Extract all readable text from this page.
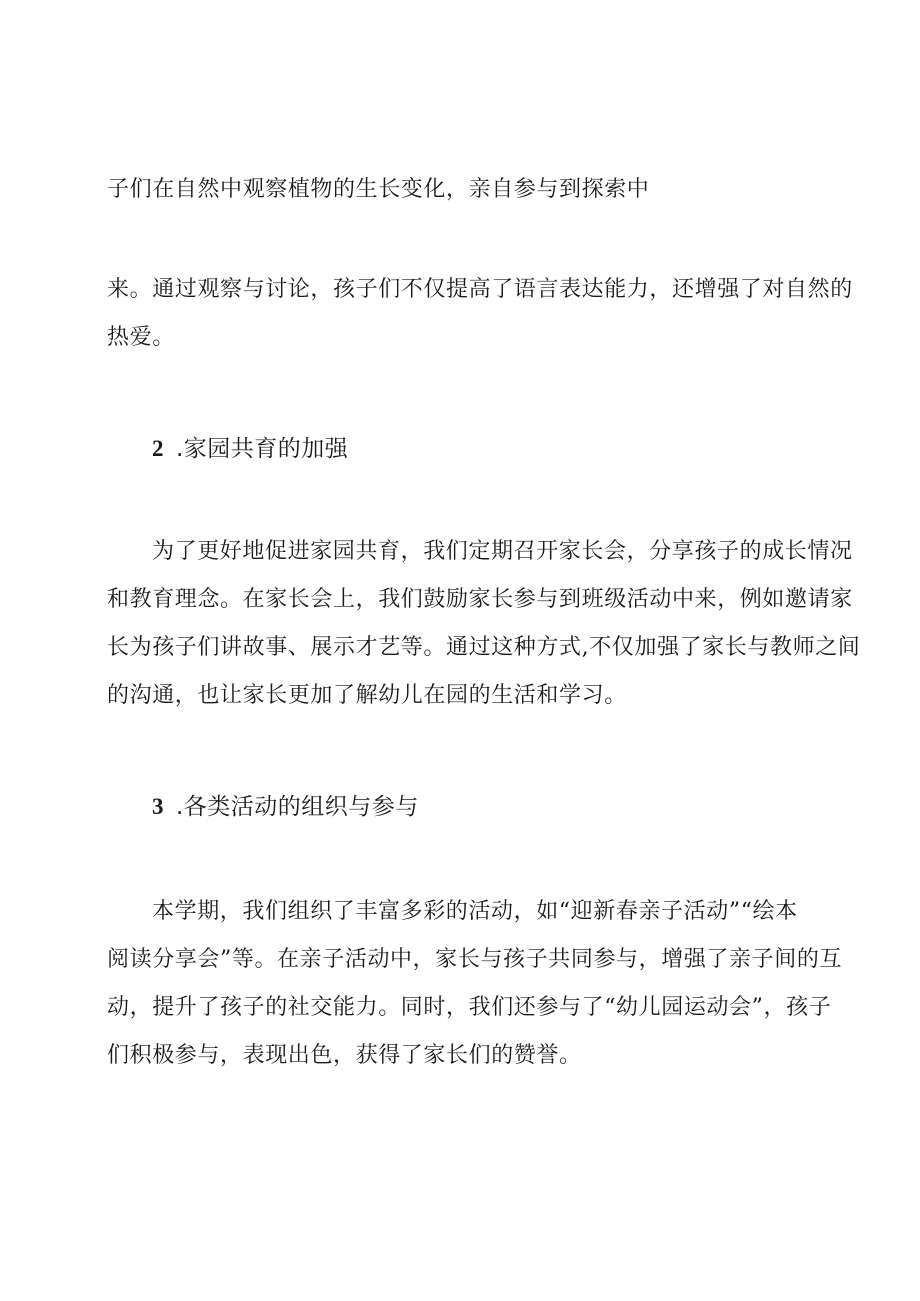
子们在自然中观察植物的生长变化，亲自参与到探索中
来。通过观察与讨论，孩子们不仅提高了语言表达能力，还增强了对自然的
热爱。
2 .家园共育的加强
为了更好地促进家园共育，我们定期召开家长会，分享孩子的成长情况
和教育理念。在家长会上，我们鼓励家长参与到班级活动中来，例如邀请家
长为孩子们讲故事、展示才艺等。通过这种方式,不仅加强了家长与教师之间
的沟通，也让家长更加了解幼儿在园的生活和学习。
3 .各类活动的组织与参与
本学期，我们组织了丰富多彩的活动，如“迎新春亲子活动”“绘本
阅读分享会”等。在亲子活动中，家长与孩子共同参与，增强了亲子间的互
动，提升了孩子的社交能力。同时，我们还参与了“幼儿园运动会”，孩子
们积极参与，表现出色，获得了家长们的赞誉。
